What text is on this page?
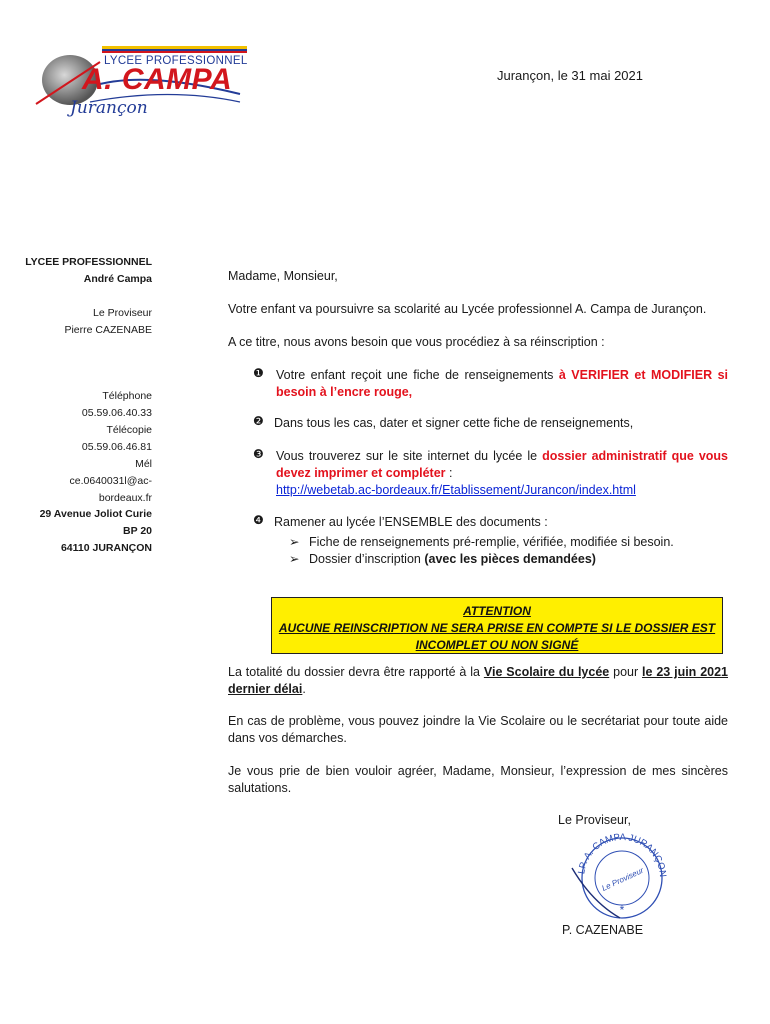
LYCEE PROFESSIONNEL
A. CAMPA
Jurançon
Jurançon, le 31 mai 2021
LYCEE PROFESSIONNEL
André Campa
Le Proviseur
Pierre CAZENABE
Téléphone
05.59.06.40.33
Télécopie
05.59.06.46.81
Mél
ce.0640031l@ac-
bordeaux.fr
29 Avenue Joliot Curie
BP 20
64110 JURANÇON
Madame, Monsieur,
Votre enfant va poursuivre sa scolarité au Lycée professionnel A. Campa de Jurançon.
A ce titre, nous avons besoin que vous procédiez à sa réinscription :
❶ Votre enfant reçoit une fiche de renseignements à VERIFIER et MODIFIER si besoin à l’encre rouge,
❷ Dans tous les cas, dater et signer cette fiche de renseignements,
❸ Vous trouverez sur le site internet du lycée le dossier administratif que vous devez imprimer et compléter :
http://webetab.ac-bordeaux.fr/Etablissement/Jurancon/index.html
❹ Ramener au lycée l’ENSEMBLE des documents :
➢ Fiche de renseignements pré-remplie, vérifiée, modifiée si besoin.
➢ Dossier d’inscription (avec les pièces demandées)
ATTENTION
AUCUNE REINSCRIPTION NE SERA PRISE EN COMPTE SI LE DOSSIER EST
INCOMPLET OU NON SIGNÉ
La totalité du dossier devra être rapporté à la Vie Scolaire du lycée pour le 23 juin 2021 dernier délai.
En cas de problème, vous pouvez joindre la Vie Scolaire ou le secrétariat pour toute aide dans vos démarches.
Je vous prie de bien vouloir agréer, Madame, Monsieur, l’expression de mes sincères salutations.
Le Proviseur,
LP. A. CAMPA JURANÇON
Le Proviseur
*
P. CAZENABE
